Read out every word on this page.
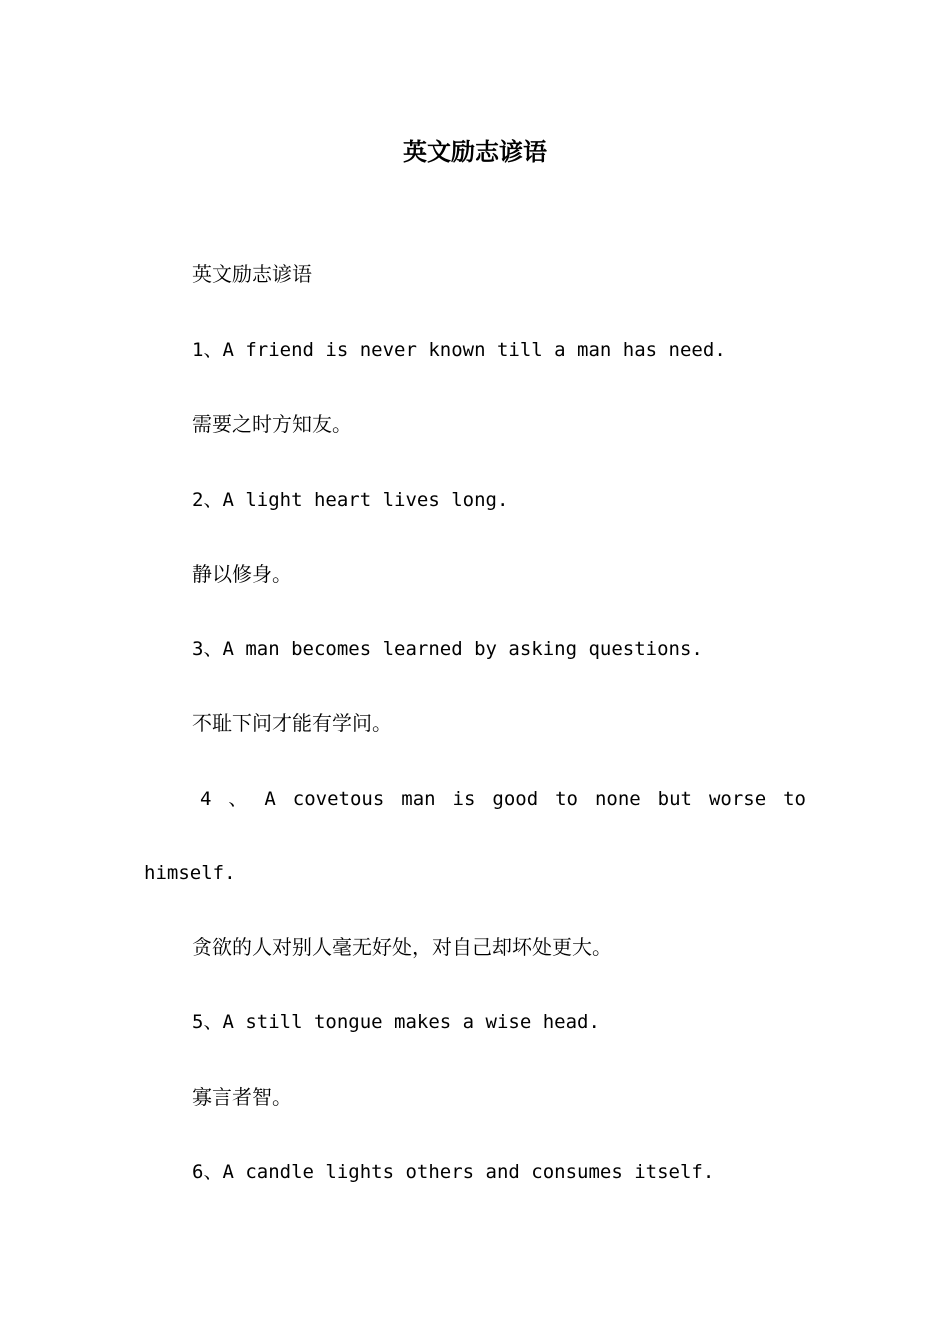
英文励志谚语
英文励志谚语
1、A friend is never known till a man has need.
需要之时方知友。
2、A light heart lives long.
静以修身。
3、A man becomes learned by asking questions.
不耻下问才能有学问。
4 、 A covetous man is good to none but worse to
himself.
贪欲的人对别人毫无好处，对自己却坏处更大。
5、A still tongue makes a wise head.
寡言者智。
6、A candle lights others and consumes itself.
